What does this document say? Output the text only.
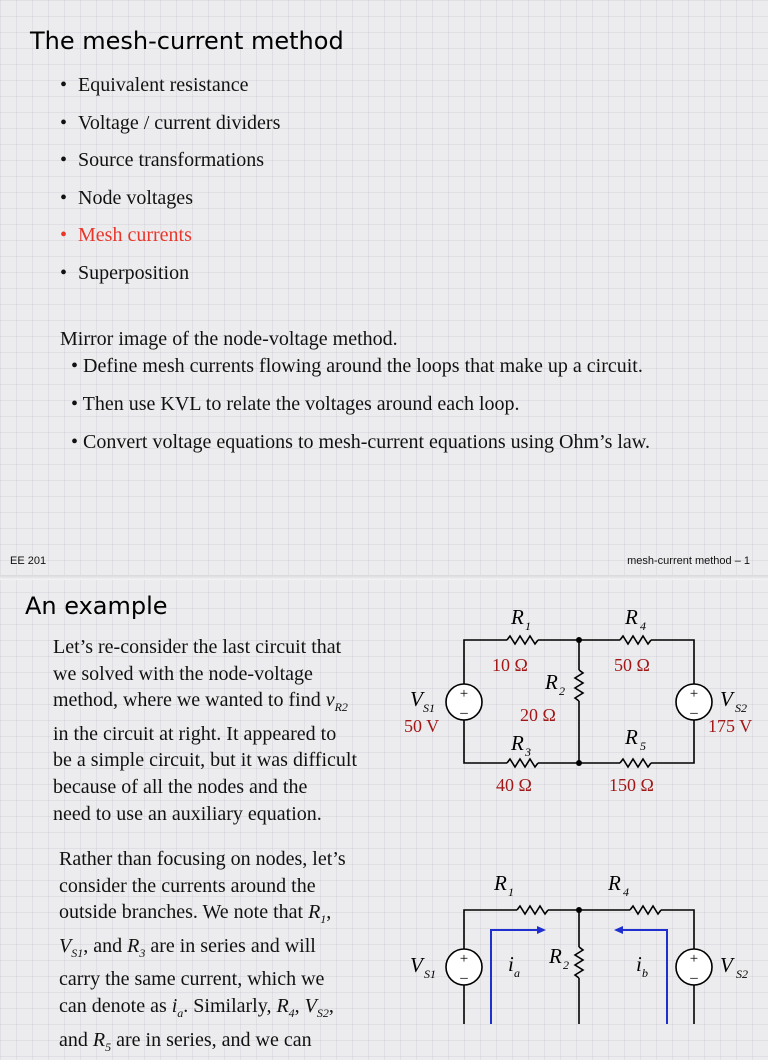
The mesh-current method
• Equivalent resistance
• Voltage / current dividers
• Source transformations
• Node voltages
• Mesh currents
• Superposition
Mirror image of the node-voltage method.
• Define mesh currents flowing around the loops that make up a circuit.
• Then use KVL to relate the voltages around each loop.
• Convert voltage equations to mesh-current equations using Ohm’s law.
EE 201	mesh-current method – 1
An example
Let’s re-consider the last circuit that
we solved with the node-voltage
method, where we wanted to find $v_{R2}$
in the circuit at right. It appeared to
be a simple circuit, but it was difficult
because of all the nodes and the
need to use an auxiliary equation.
Rather than focusing on nodes, let’s
consider the currents around the
outside branches. We note that $R_1$,
$V_{S1}$, and $R_3$ are in series and will
carry the same current, which we
can denote as $i_a$. Similarly, $R_4$, $V_{S2}$,
and $R_5$ are in series, and we can
+
–
+
–
R 1
10 Ω
R 4
50 Ω
R 2
20 Ω
R 3
40 Ω
R 5
150 Ω
V S1
50 V
V S2
175 V
+
–
+
–
R 1	R 4
R 2
V S1	V S2
i a	i b
